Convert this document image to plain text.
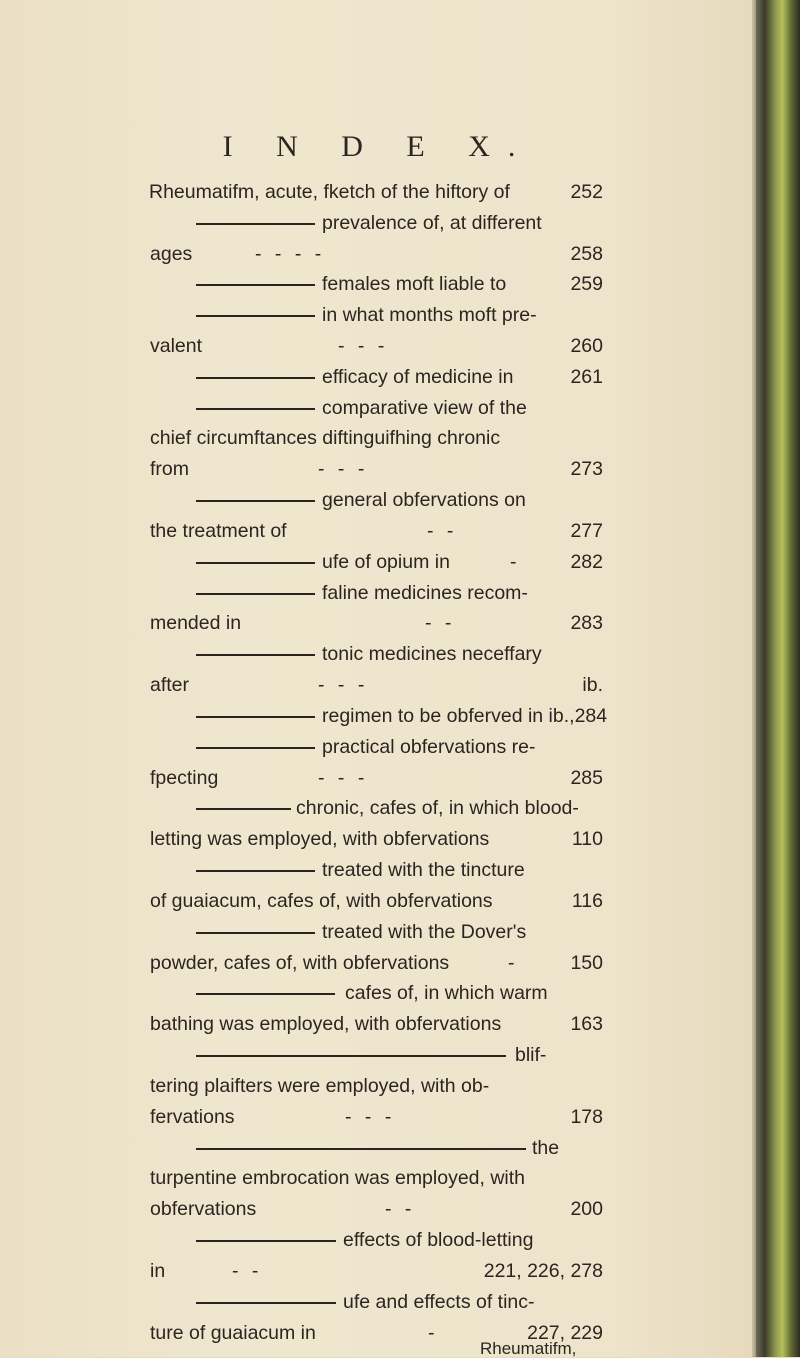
I N D E X.
Rheumatifm, acute, fketch of the hiftory of	252
prevalence of, at different
ages	- - - -	258
females moft liable to	259
in what months moft pre-
valent	- - -	260
efficacy of medicine in	261
comparative view of the
chief circumftances diftinguifhing chronic
from	- - -	273
general obfervations on
the treatment of	- -	277
ufe of opium in	-	282
faline medicines recom-
mended in	- -	283
tonic medicines neceffary
after	- - -	ib.
regimen to be obferved in ib.,284
practical obfervations re-
fpecting	- - -	285
chronic, cafes of, in which blood-
letting was employed, with obfervations	110
treated with the tincture
of guaiacum, cafes of, with obfervations	116
treated with the Dover's
powder, cafes of, with obfervations	-	150
cafes of, in which warm
bathing was employed, with obfervations	163
blif-
tering plaifters were employed, with ob-
fervations	- - -	178
the
turpentine embrocation was employed, with
obfervations	- -	200
effects of blood-letting
in	- -	221, 226, 278
ufe and effects of tinc-
ture of guaiacum in	-	227, 229
Rheumatifm,
